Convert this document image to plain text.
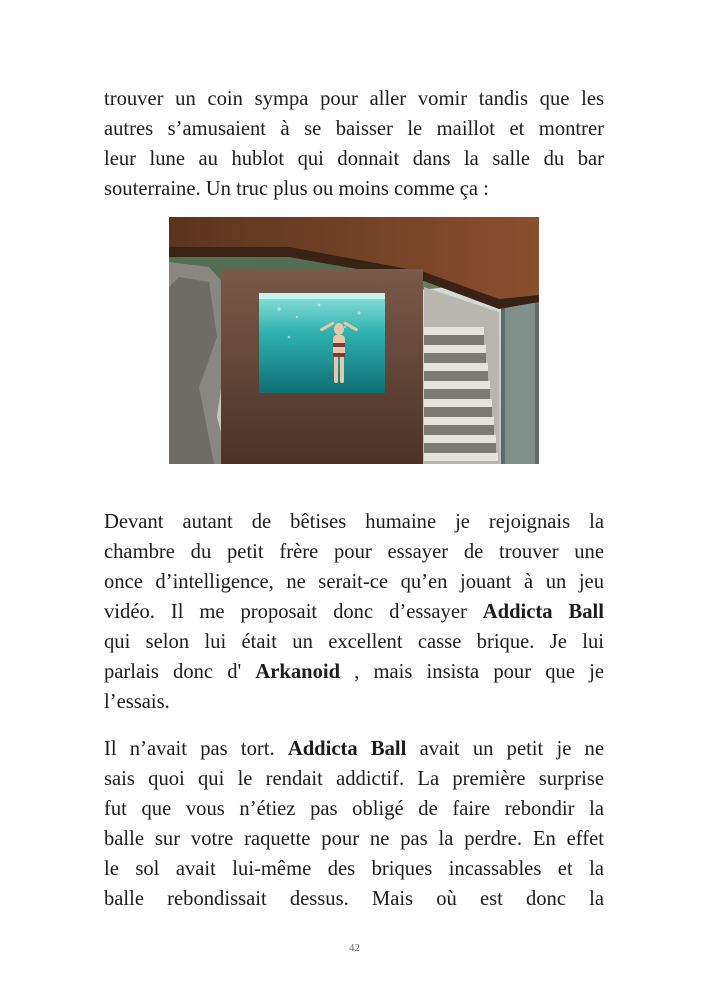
trouver un coin sympa pour aller vomir tandis que les
autres s’amusaient à se baisser le maillot et montrer
leur lune au hublot qui donnait dans la salle du bar
souterraine. Un truc plus ou moins comme ça :

Devant autant de bêtises humaine je rejoignais la
chambre du petit frère pour essayer de trouver une
once d’intelligence, ne serait-ce qu’en jouant à un jeu
vidéo. Il me proposait donc d’essayer Addicta Ball
qui selon lui était un excellent casse brique. Je lui
parlais donc d' Arkanoid , mais insista pour que je
l’essais.

Il n’avait pas tort. Addicta Ball avait un petit je ne
sais quoi qui le rendait addictif. La première surprise
fut que vous n’étiez pas obligé de faire rebondir la
balle sur votre raquette pour ne pas la perdre. En effet
le sol avait lui-même des briques incassables et la
balle rebondissait dessus. Mais où est donc la

42
